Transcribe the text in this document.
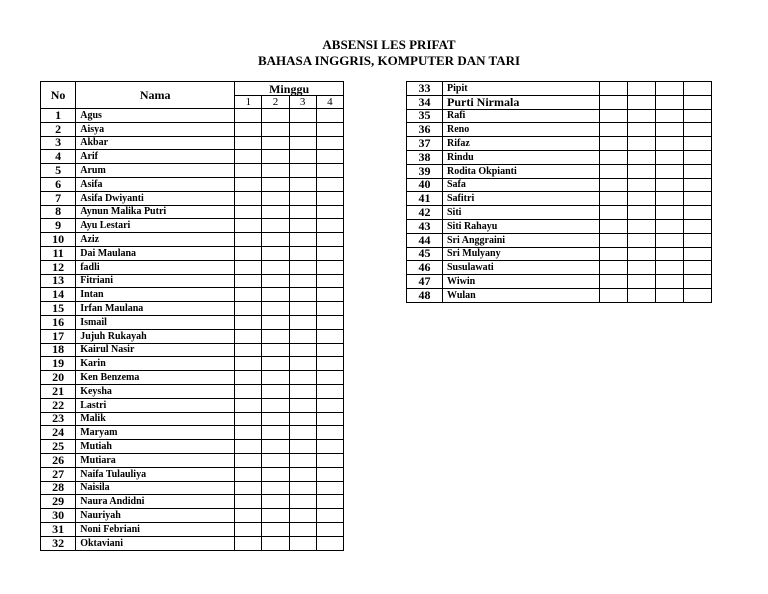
ABSENSI LES PRIFAT
BAHASA INGGRIS, KOMPUTER DAN TARI
No	Nama	Minggu			
		1	2	3	4
1	Agus				
2	Aisya				
3	Akbar				
4	Arif				
5	Arum				
6	Asifa				
7	Asifa Dwiyanti				
8	Aynun Malika Putri				
9	Ayu Lestari				
10	Aziz				
11	Dai Maulana				
12	fadli				
13	Fitriani				
14	Intan				
15	Irfan Maulana				
16	Ismail				
17	Jujuh Rukayah				
18	Kairul Nasir				
19	Karin				
20	Ken Benzema				
21	Keysha				
22	Lastri				
23	Malik				
24	Maryam				
25	Mutiah				
26	Mutiara				
27	Naifa Tulauliya				
28	Naisila				
29	Naura Andidni				
30	Nauriyah				
31	Noni Febriani				
32	Oktaviani				
33	Pipit				
34	Purti Nirmala				
35	Rafi				
36	Reno				
37	Rifaz				
38	Rindu				
39	Rodita Okpianti				
40	Safa				
41	Safitri				
42	Siti				
43	Siti Rahayu				
44	Sri Anggraini				
45	Sri Mulyany				
46	Susulawati				
47	Wiwin				
48	Wulan				
